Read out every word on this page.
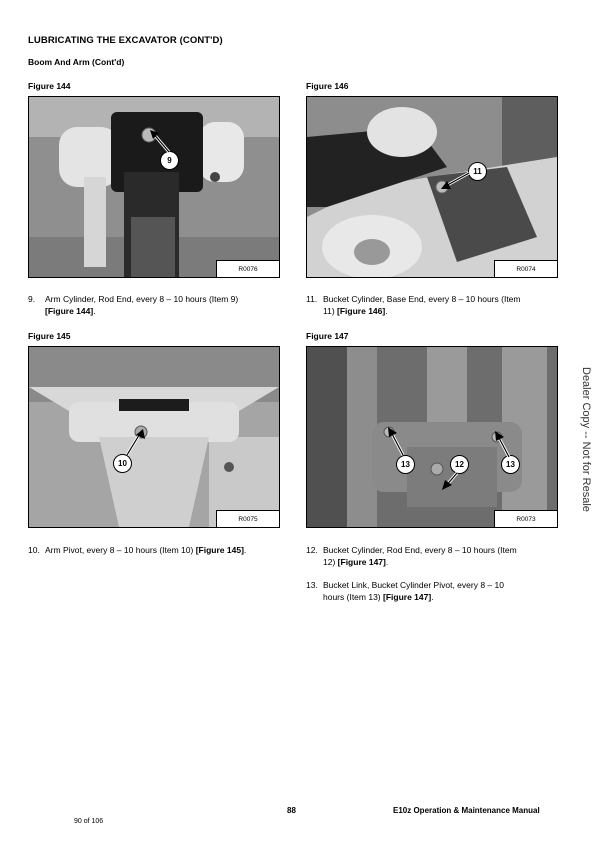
LUBRICATING THE EXCAVATOR (CONT'D)
Boom And Arm (Cont'd)
Figure 144
9
R0076
Figure 146
11
R0074
9. Arm Cylinder, Rod End, every 8 – 10 hours (Item 9)
[Figure 144].
11. Bucket Cylinder, Base End, every 8 – 10 hours (Item
11) [Figure 146].
Figure 145
10
R0075
Figure 147
13	12	13
R0073
10. Arm Pivot, every 8 – 10 hours (Item 10) [Figure 145].	12. Bucket Cylinder, Rod End, every 8 – 10 hours (Item
12) [Figure 147].
13. Bucket Link, Bucket Cylinder Pivot, every 8 – 10
hours (Item 13) [Figure 147].
Dealer Copy -- Not for Resale
88	E10z Operation & Maintenance Manual
90 of 106
